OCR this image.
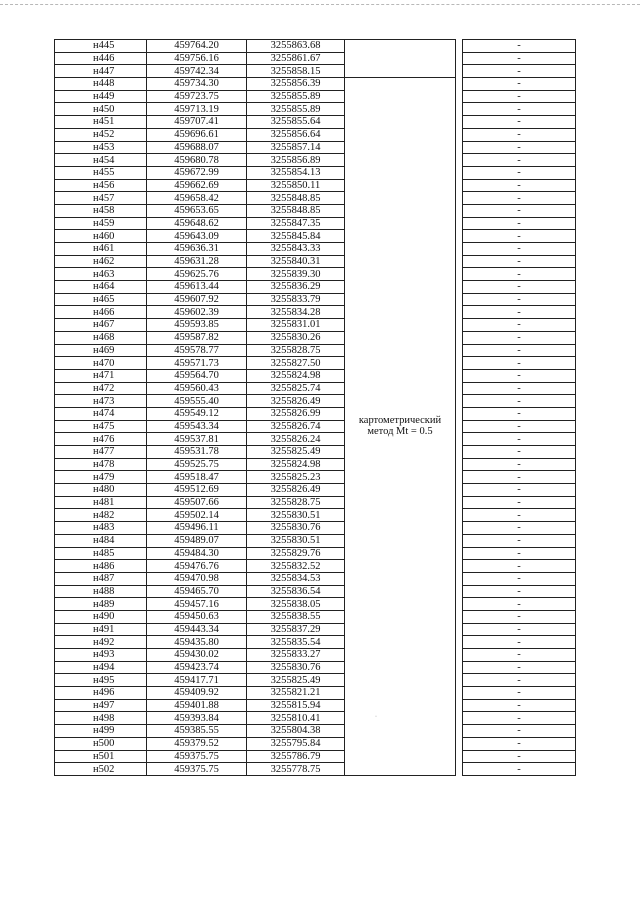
н445	459764.20	3255863.68			-
н446	459756.16	3255861.67			-
н447	459742.34	3255858.15			-
н448	459734.30	3255856.39	картометрический метод Mt = 0.5		-
н449	459723.75	3255855.89			-
н450	459713.19	3255855.89			-
н451	459707.41	3255855.64			-
н452	459696.61	3255856.64			-
н453	459688.07	3255857.14			-
н454	459680.78	3255856.89			-
н455	459672.99	3255854.13			-
н456	459662.69	3255850.11			-
н457	459658.42	3255848.85			-
н458	459653.65	3255848.85			-
н459	459648.62	3255847.35			-
н460	459643.09	3255845.84			-
н461	459636.31	3255843.33			-
н462	459631.28	3255840.31			-
н463	459625.76	3255839.30			-
н464	459613.44	3255836.29			-
н465	459607.92	3255833.79			-
н466	459602.39	3255834.28			-
н467	459593.85	3255831.01			-
н468	459587.82	3255830.26			-
н469	459578.77	3255828.75			-
н470	459571.73	3255827.50			-
н471	459564.70	3255824.98			-
н472	459560.43	3255825.74			-
н473	459555.40	3255826.49			-
н474	459549.12	3255826.99			-
н475	459543.34	3255826.74			-
н476	459537.81	3255826.24			-
н477	459531.78	3255825.49			-
н478	459525.75	3255824.98			-
н479	459518.47	3255825.23			-
н480	459512.69	3255826.49			-
н481	459507.66	3255828.75			-
н482	459502.14	3255830.51			-
н483	459496.11	3255830.76			-
н484	459489.07	3255830.51			-
н485	459484.30	3255829.76			-
н486	459476.76	3255832.52			-
н487	459470.98	3255834.53			-
н488	459465.70	3255836.54			-
н489	459457.16	3255838.05			-
н490	459450.63	3255838.55			-
н491	459443.34	3255837.29			-
н492	459435.80	3255835.54			-
н493	459430.02	3255833.27			-
н494	459423.74	3255830.76			-
н495	459417.71	3255825.49			-
н496	459409.92	3255821.21			-
н497	459401.88	3255815.94			-
н498	459393.84	3255810.41			-
н499	459385.55	3255804.38			-
н500	459379.52	3255795.84			-
н501	459375.75	3255786.79			-
н502	459375.75	3255778.75			-
·
